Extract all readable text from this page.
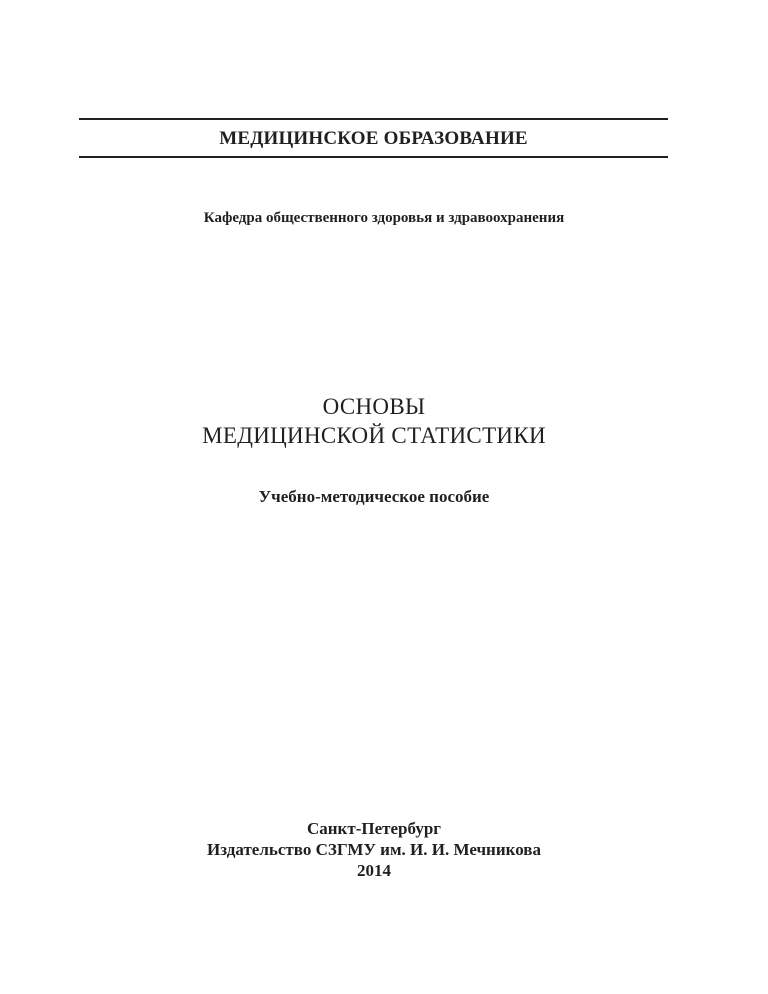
МЕДИЦИНСКОЕ ОБРАЗОВАНИЕ
Кафедра общественного здоровья и здравоохранения
ОСНОВЫ
МЕДИЦИНСКОЙ СТАТИСТИКИ
Учебно-методическое пособие
Санкт-Петербург
Издательство СЗГМУ им. И. И. Мечникова
2014
